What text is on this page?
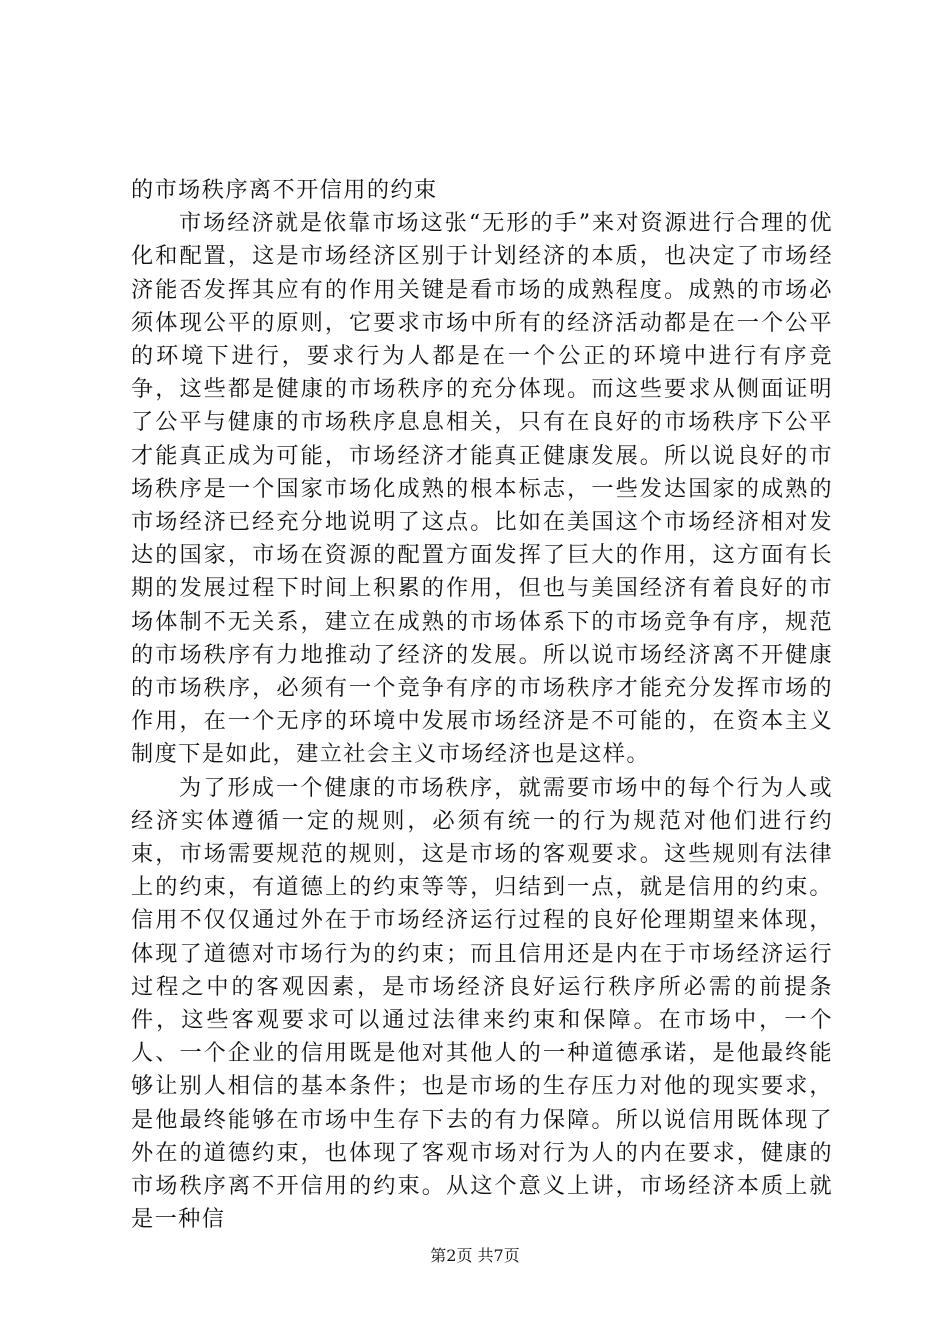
的市场秩序离不开信用的约束

市场经济就是依靠市场这张“无形的手”来对资源进行合理的优化和配置，这是市场经济区别于计划经济的本质，也决定了市场经济能否发挥其应有的作用关键是看市场的成熟程度。成熟的市场必须体现公平的原则，它要求市场中所有的经济活动都是在一个公平的环境下进行，要求行为人都是在一个公正的环境中进行有序竞争，这些都是健康的市场秩序的充分体现。而这些要求从侧面证明了公平与健康的市场秩序息息相关，只有在良好的市场秩序下公平才能真正成为可能，市场经济才能真正健康发展。所以说良好的市场秩序是一个国家市场化成熟的根本标志，一些发达国家的成熟的市场经济已经充分地说明了这点。比如在美国这个市场经济相对发达的国家，市场在资源的配置方面发挥了巨大的作用，这方面有长期的发展过程下时间上积累的作用，但也与美国经济有着良好的市场体制不无关系，建立在成熟的市场体系下的市场竞争有序，规范的市场秩序有力地推动了经济的发展。所以说市场经济离不开健康的市场秩序，必须有一个竞争有序的市场秩序才能充分发挥市场的作用，在一个无序的环境中发展市场经济是不可能的，在资本主义制度下是如此，建立社会主义市场经济也是这样。

为了形成一个健康的市场秩序，就需要市场中的每个行为人或经济实体遵循一定的规则，必须有统一的行为规范对他们进行约束，市场需要规范的规则，这是市场的客观要求。这些规则有法律上的约束，有道德上的约束等等，归结到一点，就是信用的约束。信用不仅仅通过外在于市场经济运行过程的良好伦理期望来体现，体现了道德对市场行为的约束；而且信用还是内在于市场经济运行过程之中的客观因素，是市场经济良好运行秩序所必需的前提条件，这些客观要求可以通过法律来约束和保障。在市场中，一个人、一个企业的信用既是他对其他人的一种道德承诺，是他最终能够让别人相信的基本条件；也是市场的生存压力对他的现实要求，是他最终能够在市场中生存下去的有力保障。所以说信用既体现了外在的道德约束，也体现了客观市场对行为人的内在要求，健康的市场秩序离不开信用的约束。从这个意义上讲，市场经济本质上就是一种信

第2页 共7页
